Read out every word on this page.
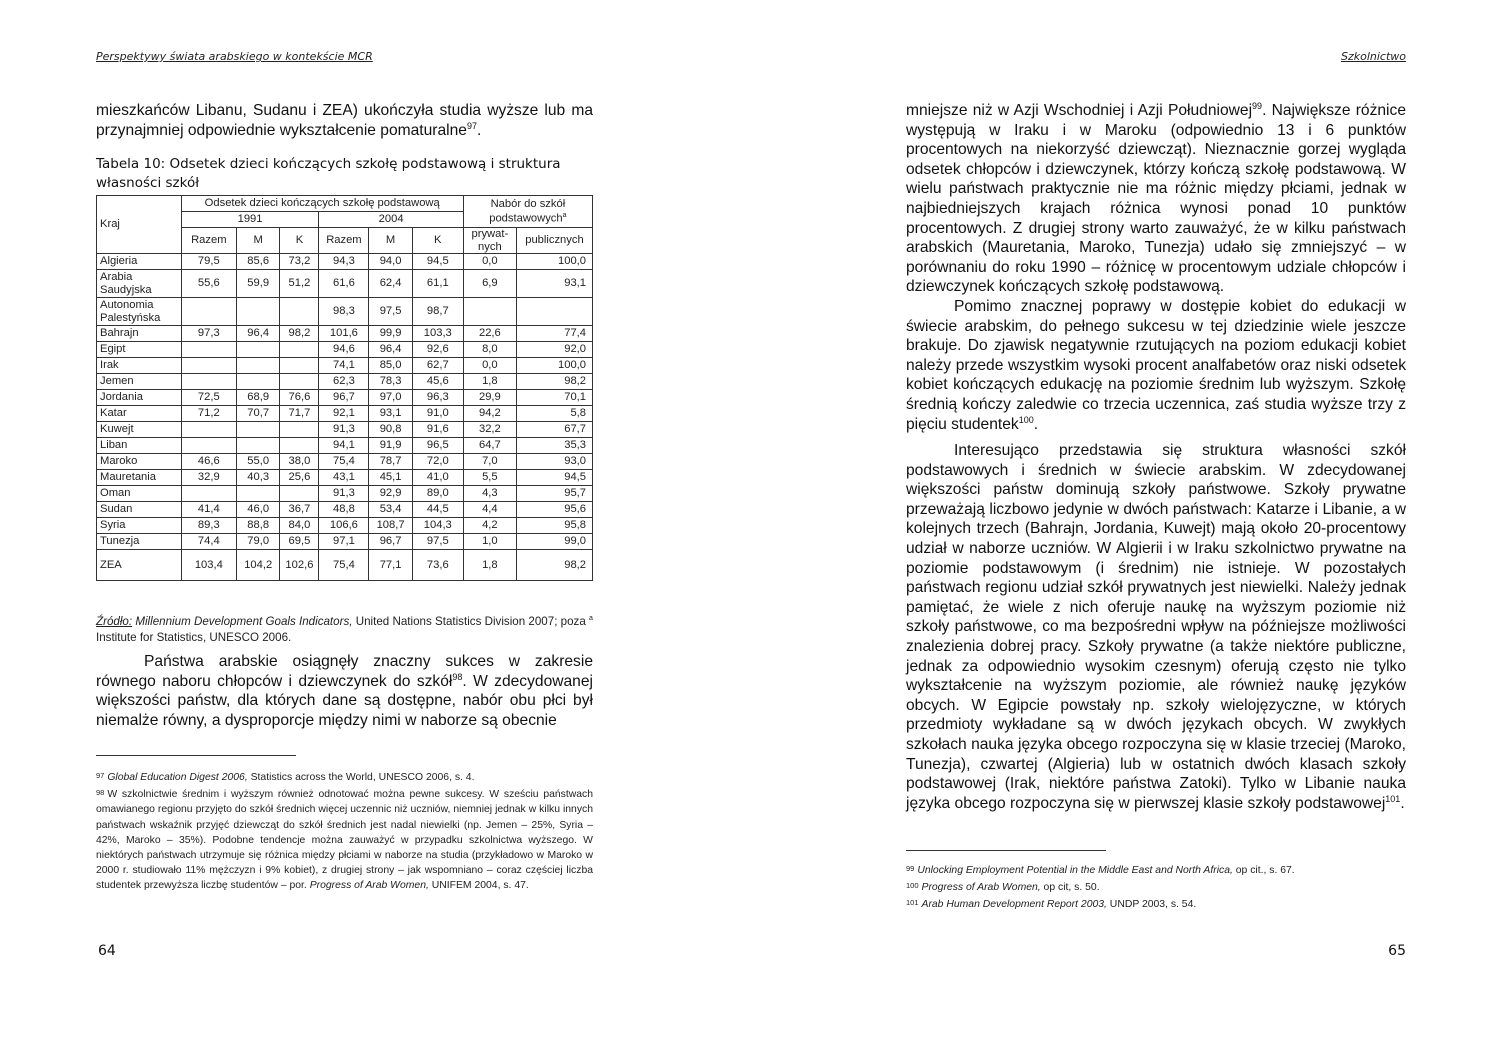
Perspektywy świata arabskiego w kontekście MCR

mieszkańców Libanu, Sudanu i ZEA) ukończyła studia wyższe lub ma przynajmniej odpowiednie wykształcenie pomaturalne$^{97}$.

Tabela 10: Odsetek dzieci kończących szkołę podstawową i struktura własności szkół

Kraj	Odsetek dzieci kończących szkołę podstawową						Nabór do szkół podstawowych$^a$
	1991			2004				
	Razem	M	K	Razem	M	K	prywat-nych	publicznych
Algieria	79,5	85,6	73,2	94,3	94,0	94,5	0,0	100,0
Arabia Saudyjska	55,6	59,9	51,2	61,6	62,4	61,1	6,9	93,1
Autonomia Palestyńska				98,3	97,5	98,7		
Bahrajn	97,3	96,4	98,2	101,6	99,9	103,3	22,6	77,4
Egipt				94,6	96,4	92,6	8,0	92,0
Irak				74,1	85,0	62,7	0,0	100,0
Jemen				62,3	78,3	45,6	1,8	98,2
Jordania	72,5	68,9	76,6	96,7	97,0	96,3	29,9	70,1
Katar	71,2	70,7	71,7	92,1	93,1	91,0	94,2	5,8
Kuwejt				91,3	90,8	91,6	32,2	67,7
Liban				94,1	91,9	96,5	64,7	35,3
Maroko	46,6	55,0	38,0	75,4	78,7	72,0	7,0	93,0
Mauretania	32,9	40,3	25,6	43,1	45,1	41,0	5,5	94,5
Oman				91,3	92,9	89,0	4,3	95,7
Sudan	41,4	46,0	36,7	48,8	53,4	44,5	4,4	95,6
Syria	89,3	88,8	84,0	106,6	108,7	104,3	4,2	95,8
Tunezja	74,4	79,0	69,5	97,1	96,7	97,5	1,0	99,0
ZEA	103,4	104,2	102,6	75,4	77,1	73,6	1,8	98,2

Źródło: Millennium Development Goals Indicators, United Nations Statistics Division 2007; poza $^a$ Institute for Statistics, UNESCO 2006.

Państwa arabskie osiągnęły znaczny sukces w zakresie równego naboru chłopców i dziewczynek do szkół$^{98}$. W zdecydowanej większości państw, dla których dane są dostępne, nabór obu płci był niemalże równy, a dysproporcje między nimi w naborze są obecnie

97 Global Education Digest 2006, Statistics across the World, UNESCO 2006, s. 4.

98 W szkolnictwie średnim i wyższym również odnotować można pewne sukcesy. W sześciu państwach omawianego regionu przyjęto do szkół średnich więcej uczennic niż uczniów, niemniej jednak w kilku innych państwach wskaźnik przyjęć dziewcząt do szkół średnich jest nadal niewielki (np. Jemen – 25%, Syria – 42%, Maroko – 35%). Podobne tendencje można zauważyć w przypadku szkolnictwa wyższego. W niektórych państwach utrzymuje się różnica między płciami w naborze na studia (przykładowo w Maroko w 2000 r. studiowało 11% mężczyzn i 9% kobiet), z drugiej strony – jak wspomniano – coraz częściej liczba studentek przewyższa liczbę studentów – por. Progress of Arab Women, UNIFEM 2004, s. 47.

64
Szkolnictwo

mniejsze niż w Azji Wschodniej i Azji Południowej$^{99}$. Największe różnice występują w Iraku i w Maroku (odpowiednio 13 i 6 punktów procentowych na niekorzyść dziewcząt). Nieznacznie gorzej wygląda odsetek chłopców i dziewczynek, którzy kończą szkołę podstawową. W wielu państwach praktycznie nie ma różnic między płciami, jednak w najbiedniejszych krajach różnica wynosi ponad 10 punktów procentowych. Z drugiej strony warto zauważyć, że w kilku państwach arabskich (Mauretania, Maroko, Tunezja) udało się zmniejszyć – w porównaniu do roku 1990 – różnicę w procentowym udziale chłopców i dziewczynek kończących szkołę podstawową.

Pomimo znacznej poprawy w dostępie kobiet do edukacji w świecie arabskim, do pełnego sukcesu w tej dziedzinie wiele jeszcze brakuje. Do zjawisk negatywnie rzutujących na poziom edukacji kobiet należy przede wszystkim wysoki procent analfabetów oraz niski odsetek kobiet kończących edukację na poziomie średnim lub wyższym. Szkołę średnią kończy zaledwie co trzecia uczennica, zaś studia wyższe trzy z pięciu studentek$^{100}$.

Interesująco przedstawia się struktura własności szkół podstawowych i średnich w świecie arabskim. W zdecydowanej większości państw dominują szkoły państwowe. Szkoły prywatne przeważają liczbowo jedynie w dwóch państwach: Katarze i Libanie, a w kolejnych trzech (Bahrajn, Jordania, Kuwejt) mają około 20-procentowy udział w naborze uczniów. W Algierii i w Iraku szkolnictwo prywatne na poziomie podstawowym (i średnim) nie istnieje. W pozostałych państwach regionu udział szkół prywatnych jest niewielki. Należy jednak pamiętać, że wiele z nich oferuje naukę na wyższym poziomie niż szkoły państwowe, co ma bezpośredni wpływ na późniejsze możliwości znalezienia dobrej pracy. Szkoły prywatne (a także niektóre publiczne, jednak za odpowiednio wysokim czesnym) oferują często nie tylko wykształcenie na wyższym poziomie, ale również naukę języków obcych. W Egipcie powstały np. szkoły wielojęzyczne, w których przedmioty wykładane są w dwóch językach obcych. W zwykłych szkołach nauka języka obcego rozpoczyna się w klasie trzeciej (Maroko, Tunezja), czwartej (Algieria) lub w ostatnich dwóch klasach szkoły podstawowej (Irak, niektóre państwa Zatoki). Tylko w Libanie nauka języka obcego rozpoczyna się w pierwszej klasie szkoły podstawowej$^{101}$.

99 Unlocking Employment Potential in the Middle East and North Africa, op cit., s. 67.

100 Progress of Arab Women, op cit, s. 50.

101 Arab Human Development Report 2003, UNDP 2003, s. 54.

65
